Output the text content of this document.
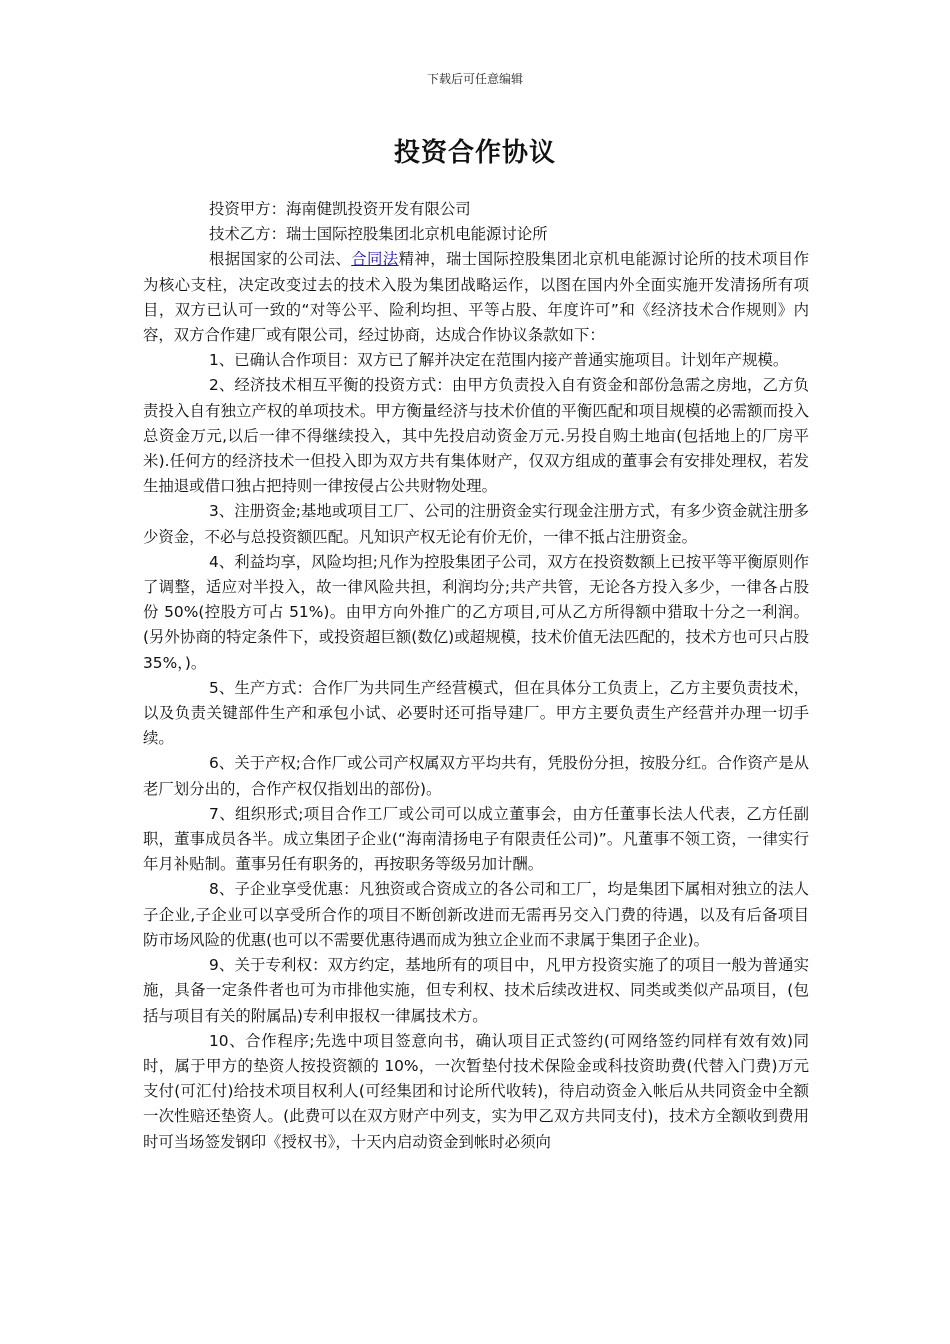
下载后可任意编辑
投资合作协议

投资甲方：海南健凯投资开发有限公司

技术乙方：瑞士国际控股集团北京机电能源讨论所

根据国家的公司法、合同法精神，瑞士国际控股集团北京机电能源讨论所的技术项目作为核心支柱，决定改变过去的技术入股为集团战略运作，以图在国内外全面实施开发清扬所有项目，双方已认可一致的“对等公平、险利均担、平等占股、年度许可”和《经济技术合作规则》内容，双方合作建厂或有限公司，经过协商，达成合作协议条款如下：

1、已确认合作项目：双方已了解并决定在范围内接产普通实施项目。计划年产规模。

2、经济技术相互平衡的投资方式：由甲方负责投入自有资金和部份急需之房地，乙方负责投入自有独立产权的单项技术。甲方衡量经济与技术价值的平衡匹配和项目规模的必需额而投入总资金万元,以后一律不得继续投入，其中先投启动资金万元.另投自购土地亩(包括地上的厂房平米).任何方的经济技术一但投入即为双方共有集体财产，仅双方组成的董事会有安排处理权，若发生抽退或借口独占把持则一律按侵占公共财物处理。

3、注册资金;基地或项目工厂、公司的注册资金实行现金注册方式，有多少资金就注册多少资金，不必与总投资额匹配。凡知识产权无论有价无价，一律不抵占注册资金。

4、利益均享，风险均担;凡作为控股集团子公司，双方在投资数额上已按平等平衡原则作了调整，适应对半投入，故一律风险共担，利润均分;共产共管，无论各方投入多少，一律各占股份 50%(控股方可占 51%)。由甲方向外推广的乙方项目,可从乙方所得额中猎取十分之一利润。(另外协商的特定条件下，或投资超巨额(数亿)或超规模，技术价值无法匹配的，技术方也可只占股 35%，)。

5、生产方式：合作厂为共同生产经营模式，但在具体分工负责上，乙方主要负责技术，以及负责关键部件生产和承包小试、必要时还可指导建厂。甲方主要负责生产经营并办理一切手续。

6、关于产权;合作厂或公司产权属双方平均共有，凭股份分担，按股分红。合作资产是从老厂划分出的，合作产权仅指划出的部份)。

7、组织形式;项目合作工厂或公司可以成立董事会，由方任董事长法人代表，乙方任副职，董事成员各半。成立集团子企业(“海南清扬电子有限责任公司)”。凡董事不领工资，一律实行年月补贴制。董事另任有职务的，再按职务等级另加计酬。

8、子企业享受优惠：凡独资或合资成立的各公司和工厂，均是集团下属相对独立的法人子企业,子企业可以享受所合作的项目不断创新改进而无需再另交入门费的待遇，以及有后备项目防市场风险的优惠(也可以不需要优惠待遇而成为独立企业而不隶属于集团子企业)。

9、关于专利权：双方约定，基地所有的项目中，凡甲方投资实施了的项目一般为普通实施，具备一定条件者也可为市排他实施，但专利权、技术后续改进权、同类或类似产品项目，(包括与项目有关的附属品)专利申报权一律属技术方。

10、合作程序;先选中项目签意向书，确认项目正式签约(可网络签约同样有效有效)同时，属于甲方的垫资人按投资额的 10%，一次暂垫付技术保险金或科技资助费(代替入门费)万元支付(可汇付)给技术项目权利人(可经集团和讨论所代收转)，待启动资金入帐后从共同资金中全额一次性赔还垫资人。(此费可以在双方财产中列支，实为甲乙双方共同支付)，技术方全额收到费用时可当场签发钢印《授权书》，十天内启动资金到帐时必须向
